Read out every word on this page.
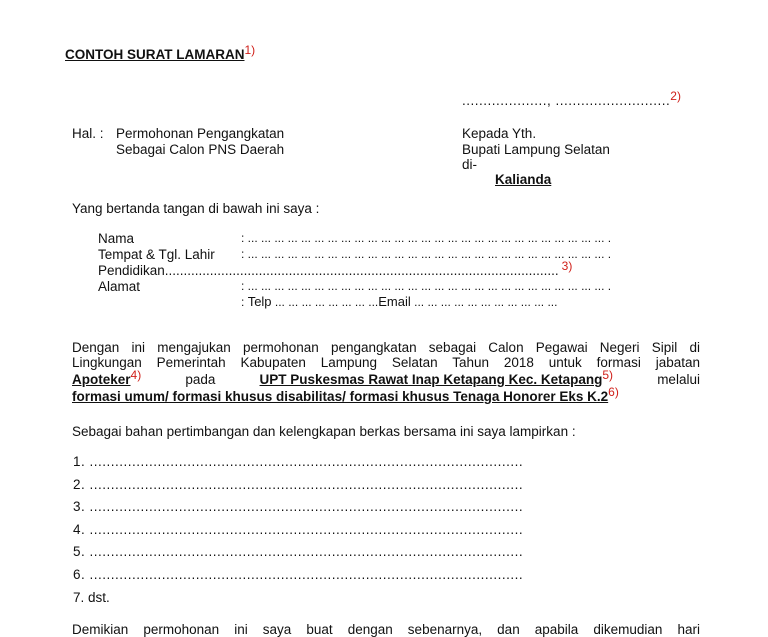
CONTOH SURAT LAMARAN1)
...................., ...........................2)
Hal. : Permohonan Pengangkatan
Sebagai Calon PNS Daerah
Kepada Yth.
Bupati Lampung Selatan
di-
Kalianda
Yang bertanda tangan di bawah ini saya :
Nama	: ... ... ... ... ... ... ... ... ... ... ... ... ... ... ... ... ... ... ... ... ... ... ... ... ... ... ... .
Tempat & Tgl. Lahir : ... ... ... ... ... ... ... ... ... ... ... ... ... ... ... ... ... ... ... ... ... ... ... ... ... ... ... .
Pendidikan......................................................................................................... 3)
Alamat	: ... ... ... ... ... ... ... ... ... ... ... ... ... ... ... ... ... ... ... ... ... ... ... ... ... ... ... .
: Telp ... ... ... ... ... ... ... ...Email ... ... ... ... ... ... ... ... ... ... ...
Dengan ini mengajukan permohonan pengangkatan sebagai Calon Pegawai Negeri Sipil di
Lingkungan Pemerintah Kabupaten Lampung Selatan Tahun 2018 untuk formasi jabatan
Apoteker4)	pada	UPT Puskesmas Rawat Inap Ketapang Kec. Ketapang5)	melalui
formasi umum/ formasi khusus disabilitas/ formasi khusus Tenaga Honorer Eks K.26)
Sebagai bahan pertimbangan dan kelengkapan berkas bersama ini saya lampirkan :
1. ......................................................................................................
2. ......................................................................................................
3. ......................................................................................................
4. ......................................................................................................
5. ......................................................................................................
6. ......................................................................................................
7. dst.
Demikian permohonan ini saya buat dengan sebenarnya, dan apabila dikemudian hari
